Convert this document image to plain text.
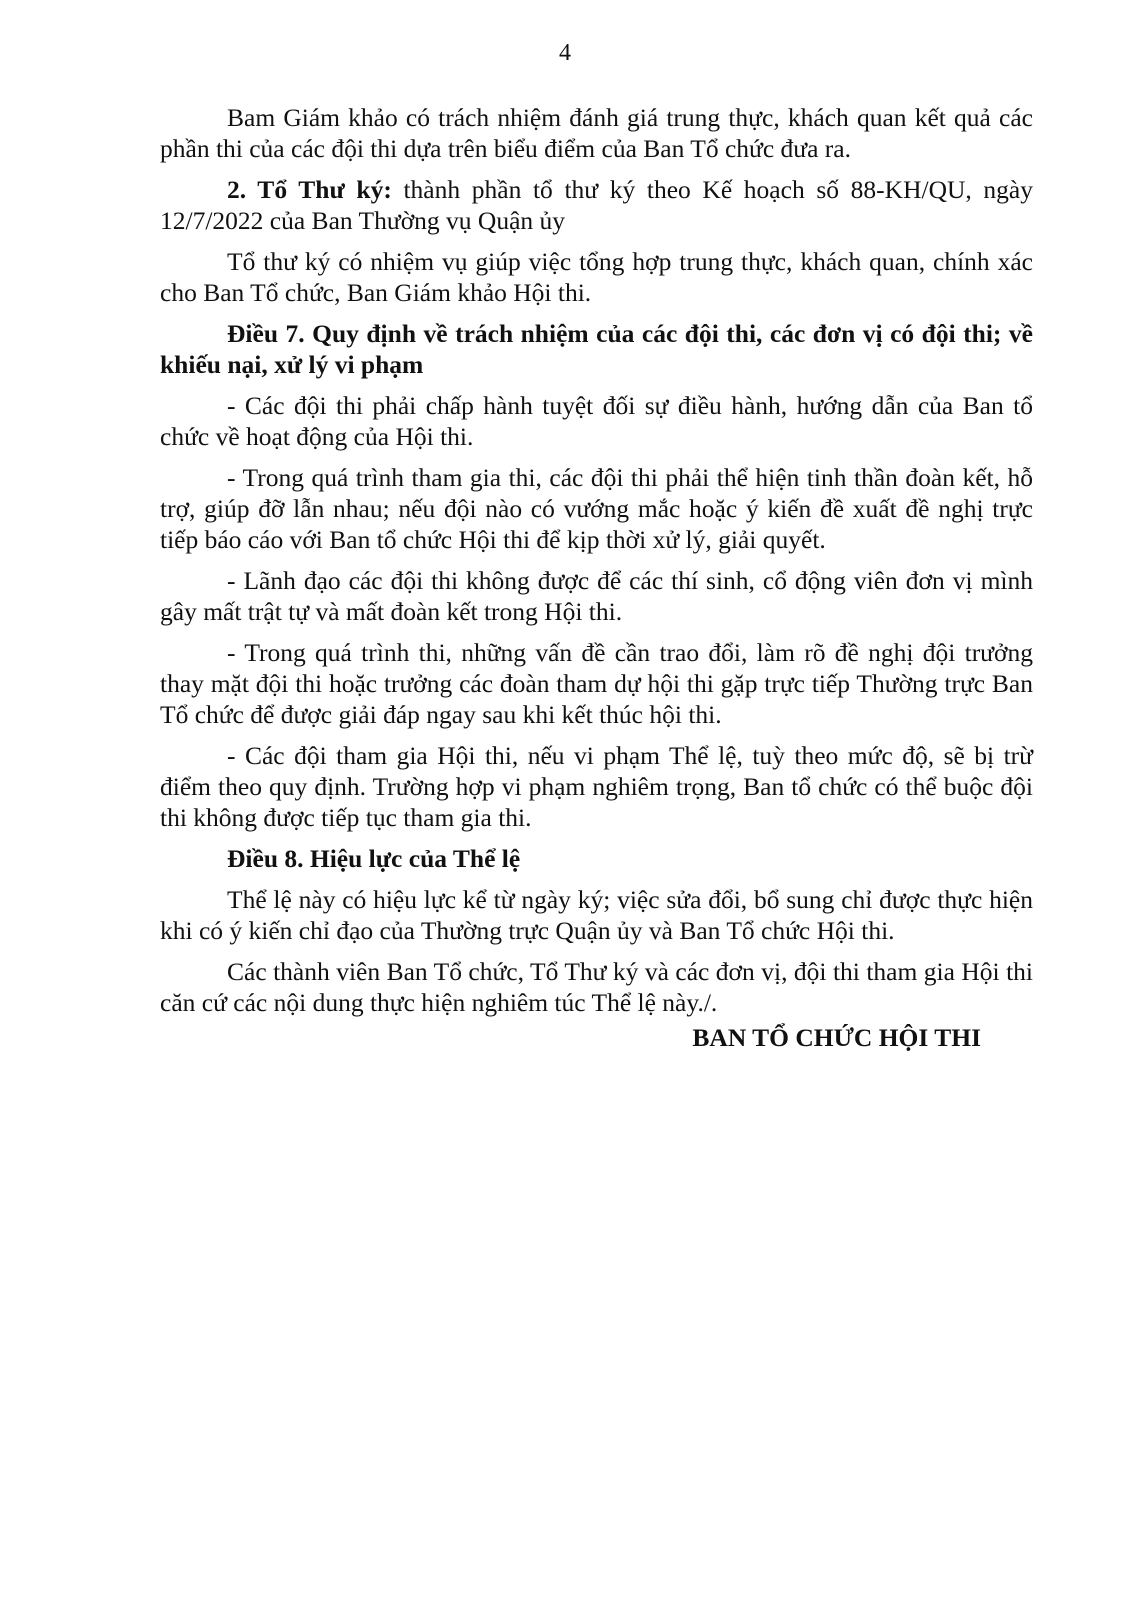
4

Bam Giám khảo có trách nhiệm đánh giá trung thực, khách quan kết quả các phần thi của các đội thi dựa trên biểu điểm của Ban Tổ chức đưa ra.

2. Tổ Thư ký: thành phần tổ thư ký theo Kế hoạch số 88-KH/QU, ngày 12/7/2022 của Ban Thường vụ Quận ủy

Tổ thư ký có nhiệm vụ giúp việc tổng hợp trung thực, khách quan, chính xác cho Ban Tổ chức, Ban Giám khảo Hội thi.

Điều 7. Quy định về trách nhiệm của các đội thi, các đơn vị có đội thi; về khiếu nại, xử lý vi phạm

- Các đội thi phải chấp hành tuyệt đối sự điều hành, hướng dẫn của Ban tổ chức về hoạt động của Hội thi.

- Trong quá trình tham gia thi, các đội thi phải thể hiện tinh thần đoàn kết, hỗ trợ, giúp đỡ lẫn nhau; nếu đội nào có vướng mắc hoặc ý kiến đề xuất đề nghị trực tiếp báo cáo với Ban tổ chức Hội thi để kịp thời xử lý, giải quyết.

- Lãnh đạo các đội thi không được để các thí sinh, cổ động viên đơn vị mình gây mất trật tự và mất đoàn kết trong Hội thi.

- Trong quá trình thi, những vấn đề cần trao đổi, làm rõ đề nghị đội trưởng thay mặt đội thi hoặc trưởng các đoàn tham dự hội thi gặp trực tiếp Thường trực Ban Tổ chức để được giải đáp ngay sau khi kết thúc hội thi.

- Các đội tham gia Hội thi, nếu vi phạm Thể lệ, tuỳ theo mức độ, sẽ bị trừ điểm theo quy định. Trường hợp vi phạm nghiêm trọng, Ban tổ chức có thể buộc đội thi không được tiếp tục tham gia thi.

Điều 8. Hiệu lực của Thể lệ

Thể lệ này có hiệu lực kể từ ngày ký; việc sửa đổi, bổ sung chỉ được thực hiện khi có ý kiến chỉ đạo của Thường trực Quận ủy và Ban Tổ chức Hội thi.

Các thành viên Ban Tổ chức, Tổ Thư ký và các đơn vị, đội thi tham gia Hội thi căn cứ các nội dung thực hiện nghiêm túc Thể lệ này./.

BAN TỔ CHỨC HỘI THI
